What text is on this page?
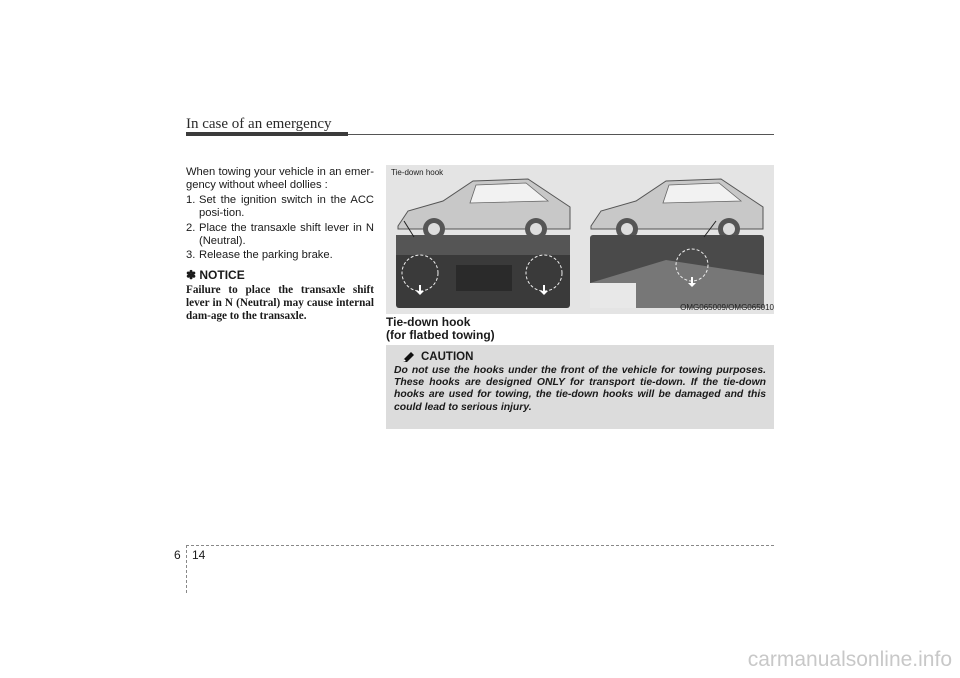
In case of an emergency

When towing your vehicle in an emer-gency without wheel dollies :

1. Set the ignition switch in the ACC posi-tion.
2. Place the transaxle shift lever in N (Neutral).
3. Release the parking brake.
✽ NOTICE
Failure to place the transaxle shift lever in N (Neutral) may cause internal dam-age to the transaxle.
Tie-down hook
OMG065009/OMG065010
Tie-down hook
(for flatbed towing)
CAUTION
Do not use the hooks under the front of the vehicle for towing purposes. These hooks are designed ONLY for transport tie-down. If the tie-down hooks are used for towing, the tie-down hooks will be damaged and this could lead to serious injury.
6 14
carmanualsonline.info
